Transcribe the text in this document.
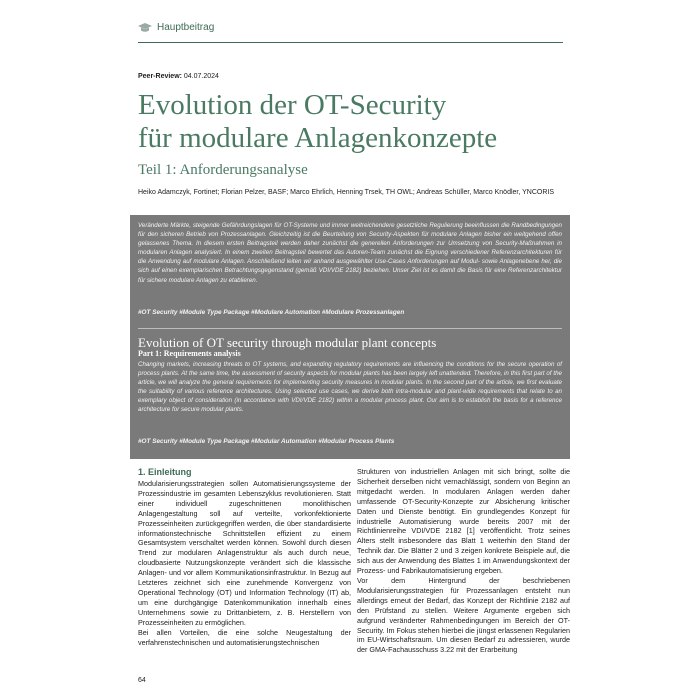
Hauptbeitrag
Peer-Review: 04.07.2024
Evolution der OT-Security
für modulare Anlagenkonzepte
Teil 1: Anforderungsanalyse
Heiko Adamczyk, Fortinet; Florian Pelzer, BASF; Marco Ehrlich, Henning Trsek, TH OWL; Andreas Schüller, Marco Knödler, YNCORIS
Veränderte Märkte, steigende Gefährdungslagen für OT-Systeme und immer weitreichendere gesetzliche Regulierung beeinflussen die Randbedingungen für den sicheren Betrieb von Prozessanlagen. Gleichzeitig ist die Beurteilung von Security-Aspekten für modulare Anlagen bisher ein weitgehend offen gelassenes Thema. In diesem ersten Beitragsteil werden daher zunächst die generellen Anforderungen zur Umsetzung von Security-Maßnahmen in modularen Anlagen analysiert. In einem zweiten Beitragsteil bewertet das Autoren-Team zunächst die Eignung verschiedener Referenzarchitekturen für die Anwendung auf modulare Anlagen. Anschließend leiten wir anhand ausgewählter Use-Cases Anforderungen auf Modul- sowie Anlagenebene her, die sich auf einen exemplarischen Betrachtungsgegenstand (gemäß VDI/VDE 2182) beziehen. Unser Ziel ist es damit die Basis für eine Referenzarchitektur für sichere modulare Anlagen zu etablieren.
#OT Security #Module Type Package #Modulare Automation #Modulare Prozessanlagen
Evolution of OT security through modular plant concepts
Part 1: Requirements analysis
Changing markets, increasing threats to OT systems, and expanding regulatory requirements are influencing the conditions for the secure operation of process plants. At the same time, the assessment of security aspects for modular plants has been largely left unattended. Therefore, in this first part of the article, we will analyze the general requirements for implementing security measures in modular plants. In the second part of the article, we first evaluate the suitability of various reference architectures. Using selected use cases, we derive both intra-modular and plant-wide requirements that relate to an exemplary object of consideration (in accordance with VDI/VDE 2182) within a modular process plant. Our aim is to establish the basis for a reference architecture for secure modular plants.
#OT Security #Module Type Package #Modular Automation #Modular Process Plants
1. Einleitung

Modularisierungsstrategien sollen Automatisierungssysteme der Prozessindustrie im gesamten Lebenszyklus revolutionieren. Statt einer individuell zugeschnittenen monolithischen Anlagengestaltung soll auf verteilte, vorkonfektionierte Prozesseinheiten zurückgegriffen werden, die über standardisierte informationstechnische Schnittstellen effizient zu einem Gesamtsystem verschaltet werden können. Sowohl durch diesen Trend zur modularen Anlagenstruktur als auch durch neue, cloudbasierte Nutzungskonzepte verändert sich die klassische Anlagen- und vor allem Kommunikationsinfrastruktur. In Bezug auf Letzteres zeichnet sich eine zunehmende Konvergenz von Operational Technology (OT) und Information Technology (IT) ab, um eine durchgängige Datenkommunikation innerhalb eines Unternehmens sowie zu Drittanbietern, z. B. Herstellern von Prozesseinheiten zu ermöglichen.

Bei allen Vorteilen, die eine solche Neugestaltung der verfahrenstechnischen und automatisierungstechnischen

Strukturen von industriellen Anlagen mit sich bringt, sollte die Sicherheit derselben nicht vernachlässigt, sondern von Beginn an mitgedacht werden. In modularen Anlagen werden daher umfassende OT-Security-Konzepte zur Absicherung kritischer Daten und Dienste benötigt. Ein grundlegendes Konzept für industrielle Automatisierung wurde bereits 2007 mit der Richtlinienreihe VDI/VDE 2182 [1] veröffentlicht. Trotz seines Alters stellt insbesondere das Blatt 1 weiterhin den Stand der Technik dar. Die Blätter 2 und 3 zeigen konkrete Beispiele auf, die sich aus der Anwendung des Blattes 1 im Anwendungskontext der Prozess- und Fabrikautomatisierung ergeben.

Vor dem Hintergrund der beschriebenen Modularisierungsstrategien für Prozessanlagen entsteht nun allerdings erneut der Bedarf, das Konzept der Richtlinie 2182 auf den Prüfstand zu stellen. Weitere Argumente ergeben sich aufgrund veränderter Rahmenbedingungen im Bereich der OT-Security. Im Fokus stehen hierbei die jüngst erlassenen Regularien im EU-Wirtschaftsraum. Um diesen Bedarf zu adressieren, wurde der GMA-Fachausschuss 3.22 mit der Erarbeitung

64
